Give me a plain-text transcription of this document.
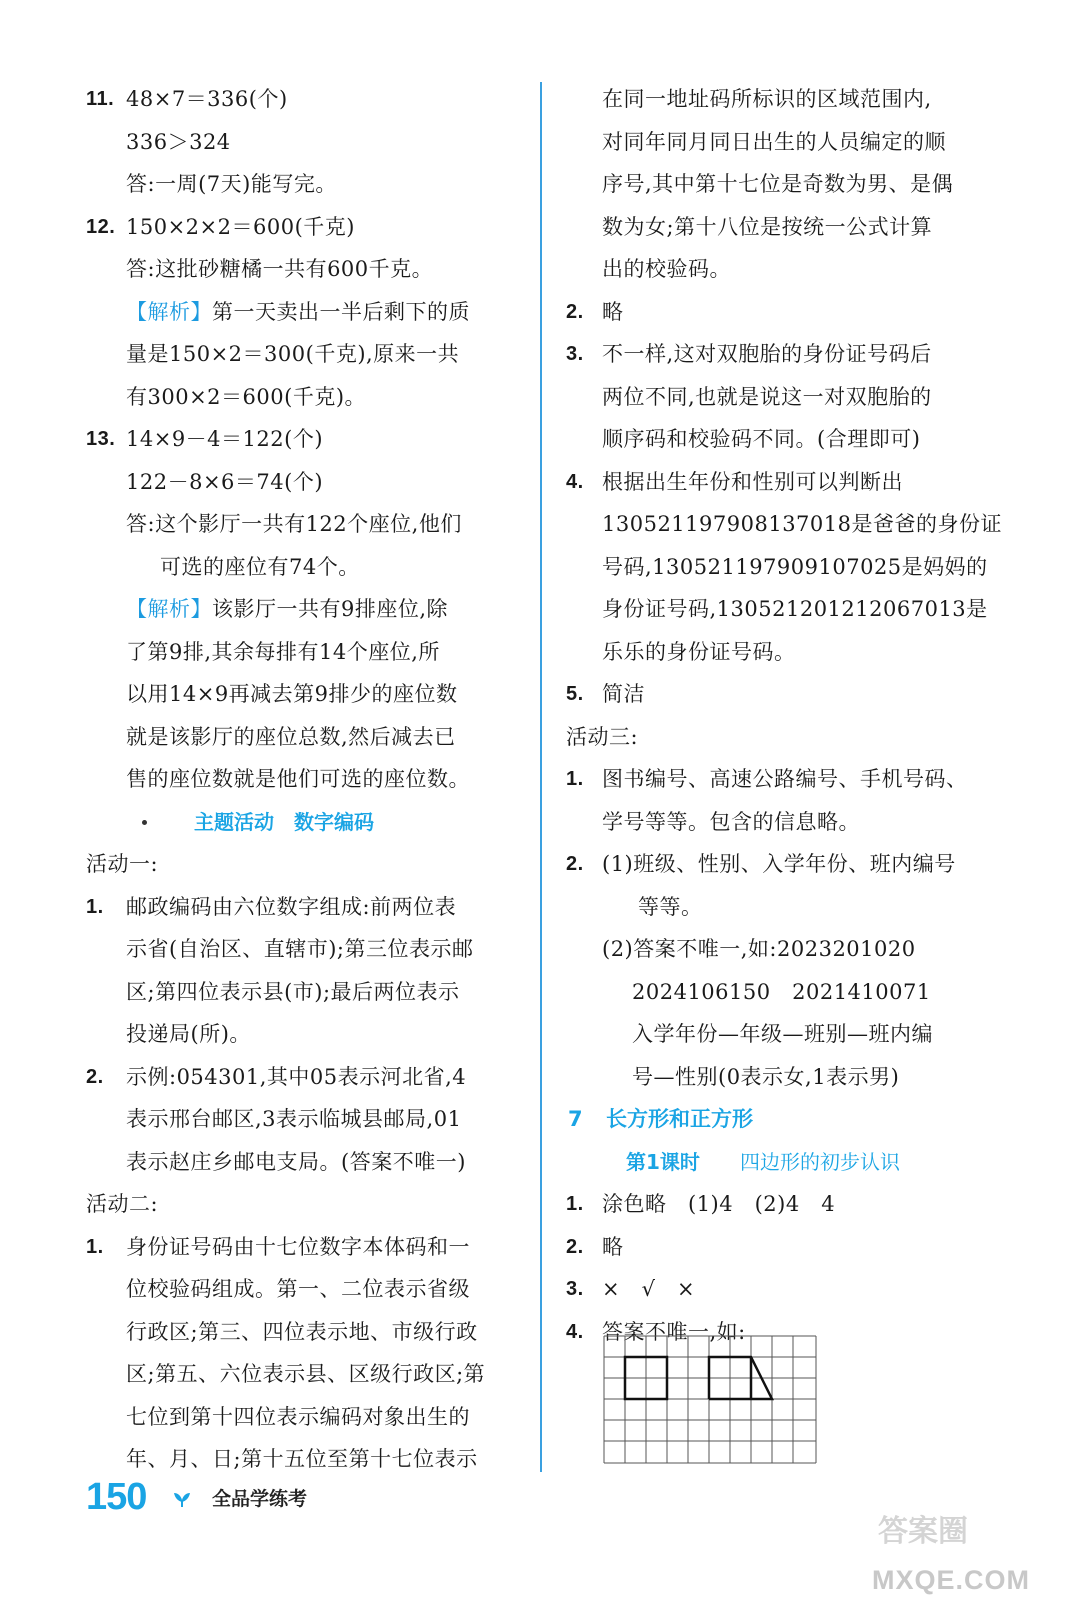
11. 48×7＝336(个)
336＞324
答:一周(7天)能写完。
12. 150×2×2＝600(千克)
答:这批砂糖橘一共有600千克。
【解析】第一天卖出一半后剩下的质
量是150×2＝300(千克),原来一共
有300×2＝600(千克)。
13. 14×9－4＝122(个)
122－8×6＝74(个)
答:这个影厅一共有122个座位,他们
可选的座位有74个。
【解析】该影厅一共有9排座位,除
了第9排,其余每排有14个座位,所
以用14×9再减去第9排少的座位数
就是该影厅的座位总数,然后减去已
售的座位数就是他们可选的座位数。
主题活动　数字编码
活动一:
1. 邮政编码由六位数字组成:前两位表
示省(自治区、直辖市);第三位表示邮
区;第四位表示县(市);最后两位表示
投递局(所)。
2. 示例:054301,其中05表示河北省,4
表示邢台邮区,3表示临城县邮局,01
表示赵庄乡邮电支局。(答案不唯一)
活动二:
1. 身份证号码由十七位数字本体码和一
位校验码组成。第一、二位表示省级
行政区;第三、四位表示地、市级行政
区;第五、六位表示县、区级行政区;第
七位到第十四位表示编码对象出生的
年、月、日;第十五位至第十七位表示
在同一地址码所标识的区域范围内,
对同年同月同日出生的人员编定的顺
序号,其中第十七位是奇数为男、是偶
数为女;第十八位是按统一公式计算
出的校验码。
2. 略
3. 不一样,这对双胞胎的身份证号码后
两位不同,也就是说这一对双胞胎的
顺序码和校验码不同。(合理即可)
4. 根据出生年份和性别可以判断出
130521197908137018是爸爸的身份证
号码,130521197909107025是妈妈的
身份证号码,130521201212067013是
乐乐的身份证号码。
5. 简洁
活动三:
1. 图书编号、高速公路编号、手机号码、
学号等等。包含的信息略。
2. (1)班级、性别、入学年份、班内编号
等等。
(2)答案不唯一,如:2023201020
2024106150　2021410071
入学年份—年级—班别—班内编
号—性别(0表示女,1表示男)
7 长方形和正方形
第1课时 四边形的初步认识
1. 涂色略　(1)4　(2)4　4
2. 略
3. ×　√　×
4. 答案不唯一,如:
150	全品学练考
答案圈
MXQE.COM
